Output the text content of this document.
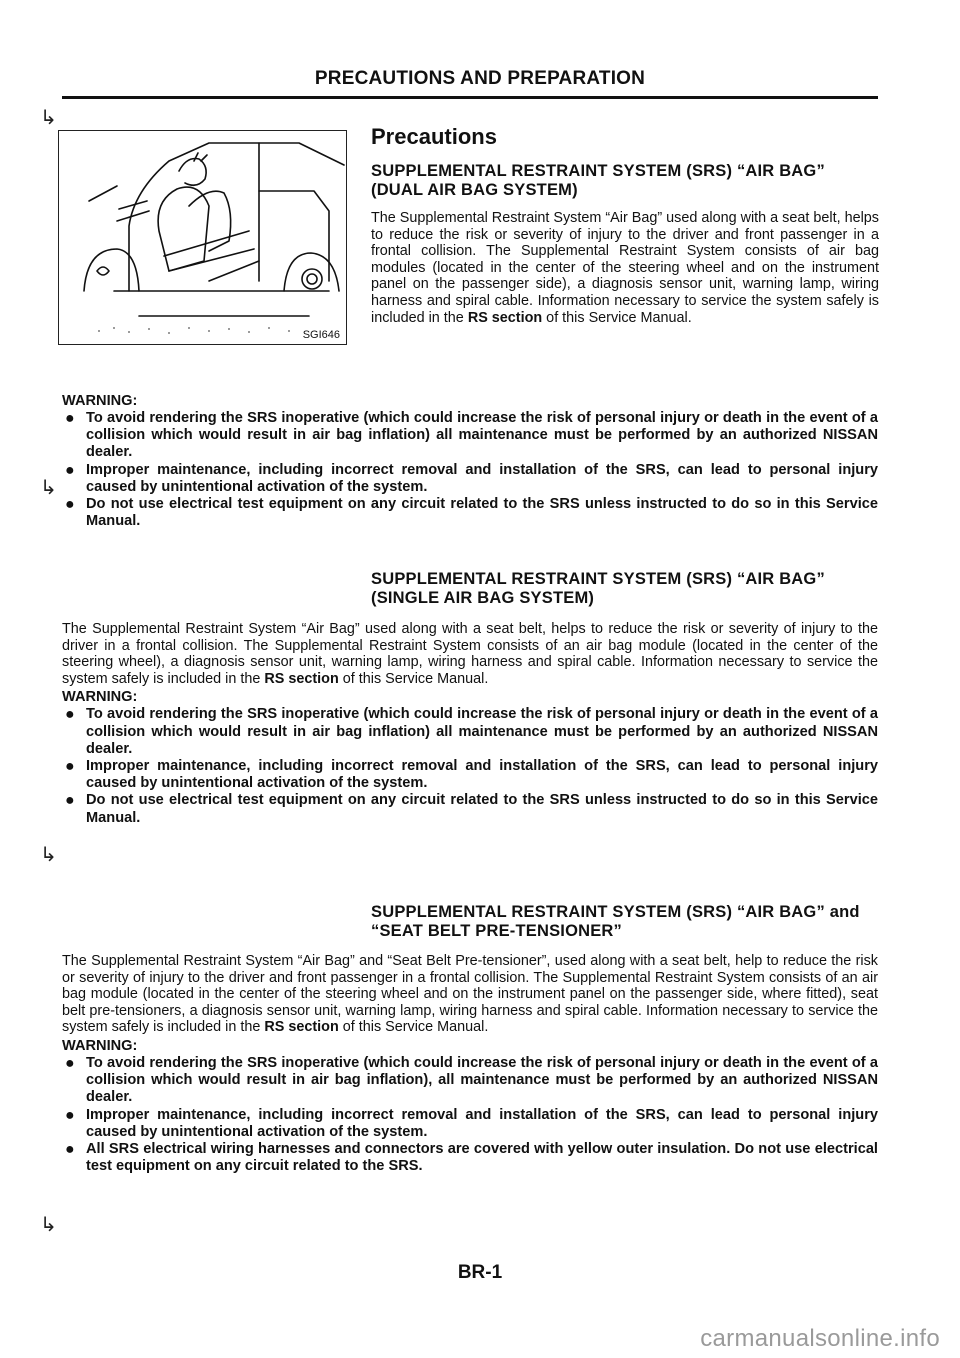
PRECAUTIONS AND PREPARATION
↳
↳
↳
↳
SGI646
Precautions
SUPPLEMENTAL RESTRAINT SYSTEM (SRS) “AIR BAG” (DUAL AIR BAG SYSTEM)

The Supplemental Restraint System “Air Bag” used along with a seat belt, helps to reduce the risk or severity of injury to the driver and front passenger in a frontal collision. The Supplemental Restraint System consists of air bag modules (located in the center of the steering wheel and on the instrument panel on the passenger side), a diagnosis sensor unit, warning lamp, wiring harness and spiral cable. Information necessary to service the system safely is included in the RS section of this Service Manual.

WARNING:
● To avoid rendering the SRS inoperative (which could increase the risk of personal injury or death in the event of a collision which would result in air bag inflation) all maintenance must be performed by an authorized NISSAN dealer.
● Improper maintenance, including incorrect removal and installation of the SRS, can lead to personal injury caused by unintentional activation of the system.
● Do not use electrical test equipment on any circuit related to the SRS unless instructed to do so in this Service Manual.
SUPPLEMENTAL RESTRAINT SYSTEM (SRS) “AIR BAG” (SINGLE AIR BAG SYSTEM)

The Supplemental Restraint System “Air Bag” used along with a seat belt, helps to reduce the risk or severity of injury to the driver in a frontal collision. The Supplemental Restraint System consists of an air bag module (located in the center of the steering wheel), a diagnosis sensor unit, warning lamp, wiring harness and spiral cable. Information necessary to service the system safely is included in the RS section of this Service Manual.

WARNING:
● To avoid rendering the SRS inoperative (which could increase the risk of personal injury or death in the event of a collision which would result in air bag inflation) all maintenance must be performed by an authorized NISSAN dealer.
● Improper maintenance, including incorrect removal and installation of the SRS, can lead to personal injury caused by unintentional activation of the system.
● Do not use electrical test equipment on any circuit related to the SRS unless instructed to do so in this Service Manual.
SUPPLEMENTAL RESTRAINT SYSTEM (SRS) “AIR BAG” and “SEAT BELT PRE-TENSIONER”

The Supplemental Restraint System “Air Bag” and “Seat Belt Pre-tensioner”, used along with a seat belt, help to reduce the risk or severity of injury to the driver and front passenger in a frontal collision. The Supplemental Restraint System consists of an air bag module (located in the center of the steering wheel and on the instrument panel on the passenger side, where fitted), seat belt pre-tensioners, a diagnosis sensor unit, warning lamp, wiring harness and spiral cable. Information necessary to service the system safely is included in the RS section of this Service Manual.

WARNING:
● To avoid rendering the SRS inoperative (which could increase the risk of personal injury or death in the event of a collision which would result in air bag inflation), all maintenance must be performed by an authorized NISSAN dealer.
● Improper maintenance, including incorrect removal and installation of the SRS, can lead to personal injury caused by unintentional activation of the system.
● All SRS electrical wiring harnesses and connectors are covered with yellow outer insulation. Do not use electrical test equipment on any circuit related to the SRS.
BR-1
carmanualsonline.info
